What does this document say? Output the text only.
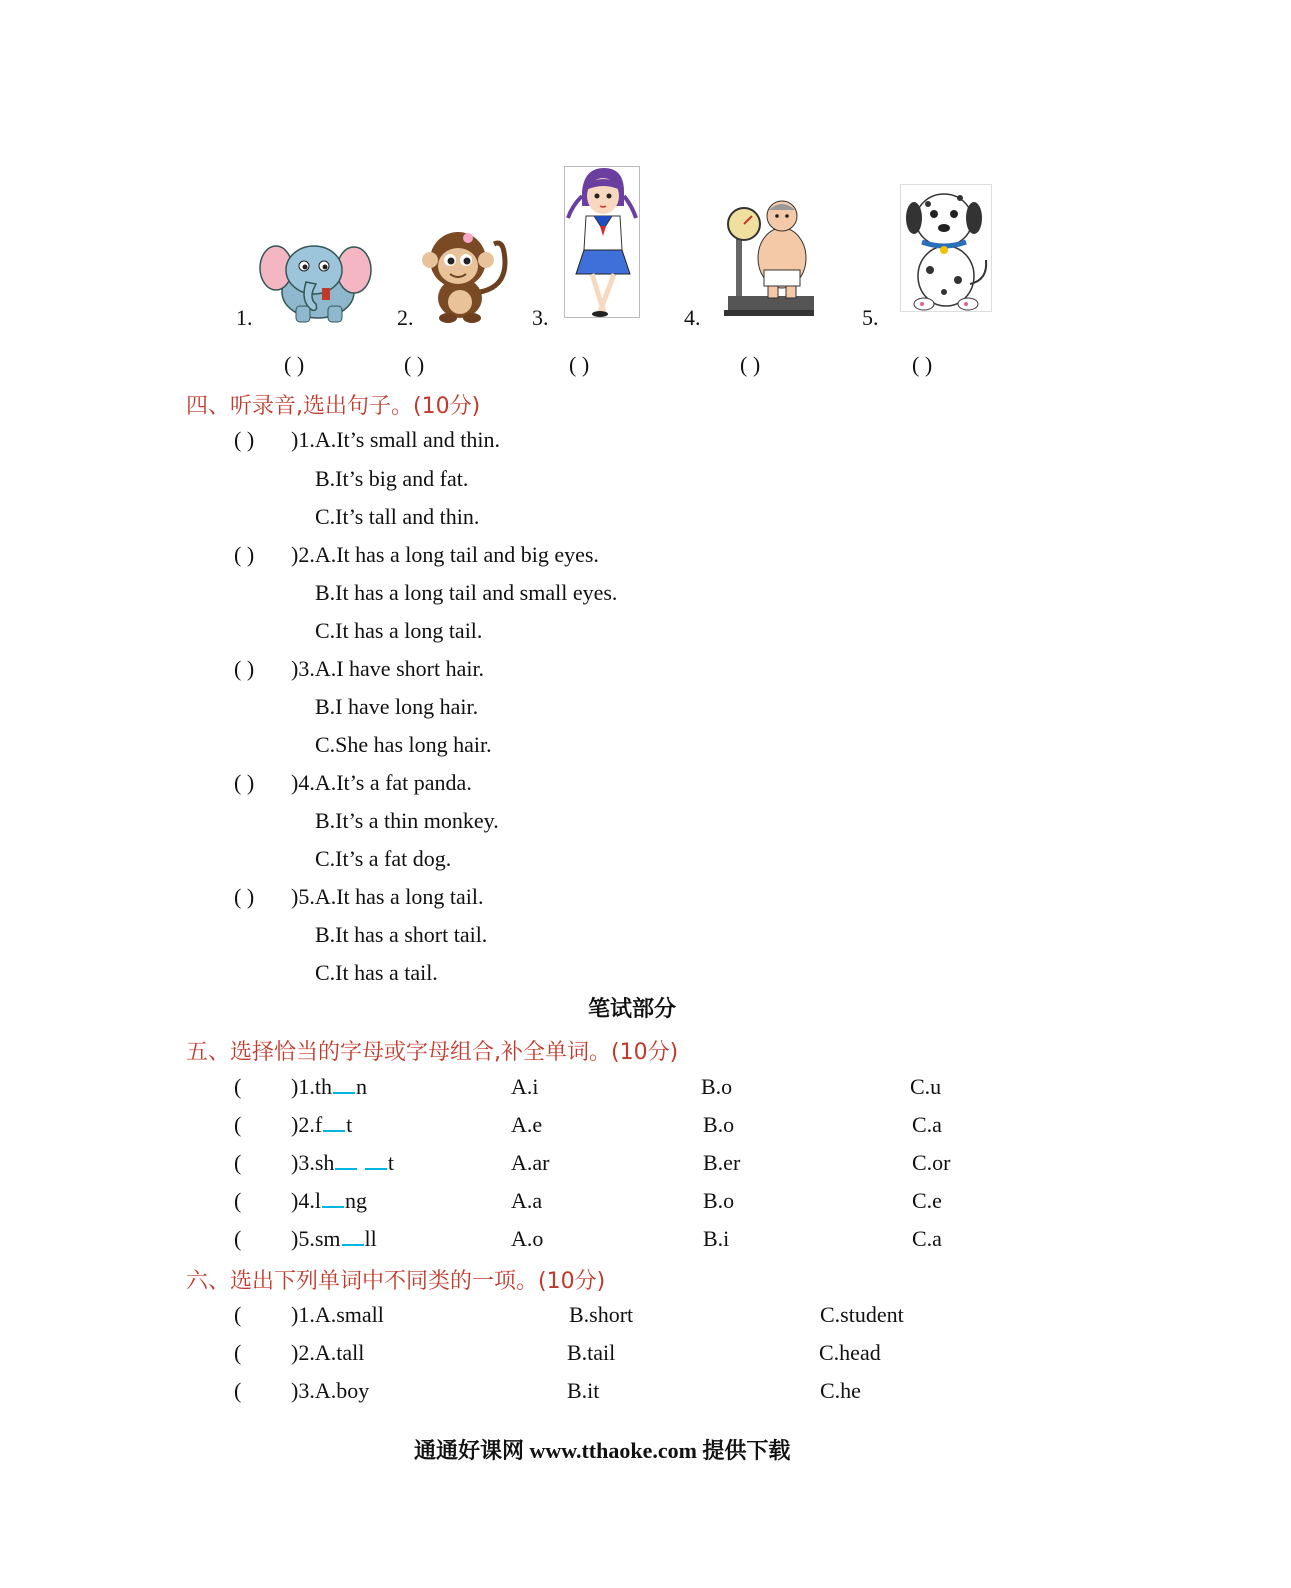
1.	2.	3.	4.	5.
( )	( )	( )	( )	( )
四、听录音,选出句子。(10分)
( ) )1.A.It’s small and thin.
B.It’s big and fat.
C.It’s tall and thin.
( ) )2.A.It has a long tail and big eyes.
B.It has a long tail and small eyes.
C.It has a long tail.
( ) )3.A.I have short hair.
B.I have long hair.
C.She has long hair.
( ) )4.A.It’s a fat panda.
B.It’s a thin monkey.
C.It’s a fat dog.
( ) )5.A.It has a long tail.
B.It has a short tail.
C.It has a tail.
笔试部分
五、选择恰当的字母或字母组合,补全单词。(10分)
( )1.th n	A.i	B.o	C.u
( )2.f t	A.e	B.o	C.a
( )3.sh t	A.ar	B.er	C.or
( )4.l ng	A.a	B.o	C.e
( )5.sm ll	A.o	B.i	C.a
六、选出下列单词中不同类的一项。(10分)
( )1.A.small	B.short	C.student
( )2.A.tall	B.tail	C.head
( )3.A.boy	B.it	C.he
通通好课网 www.tthaoke.com 提供下载
